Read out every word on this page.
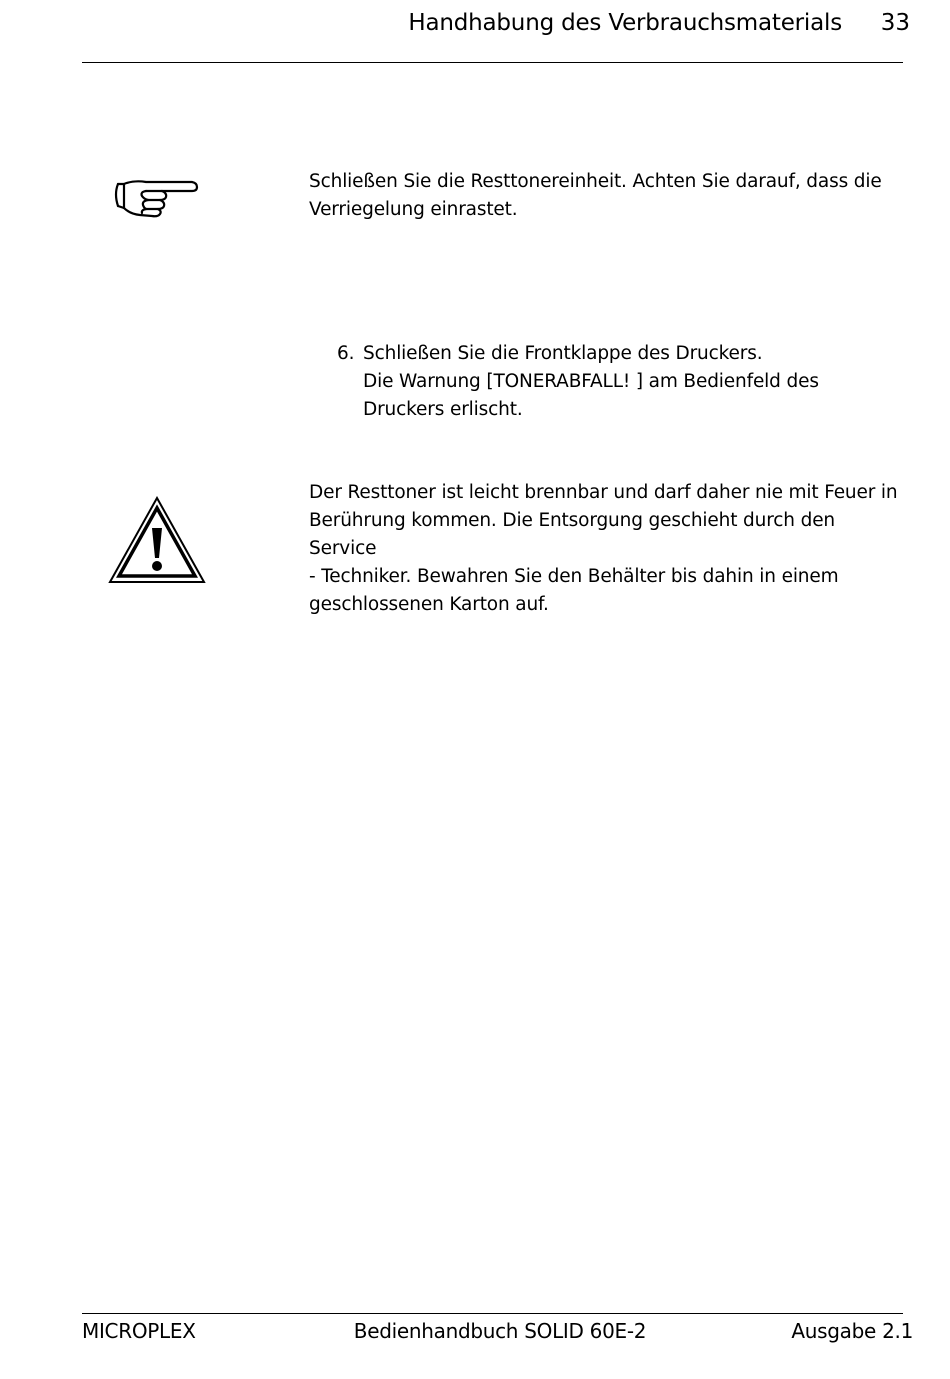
Handhabung des Verbrauchsmaterials	33
Schließen Sie die Resttonereinheit. Achten Sie darauf, dass die
Verriegelung einrastet.
6. Schließen Sie die Frontklappe des Druckers.
Die Warnung [TONERABFALL! ] am Bedienfeld des
Druckers erlischt.
Der Resttoner ist leicht brennbar und darf daher nie mit Feuer in
Berührung kommen. Die Entsorgung geschieht durch den Service
- Techniker. Bewahren Sie den Behälter bis dahin in einem
geschlossenen Karton auf.
MICROPLEX	Bedienhandbuch SOLID 60E-2	Ausgabe 2.1
